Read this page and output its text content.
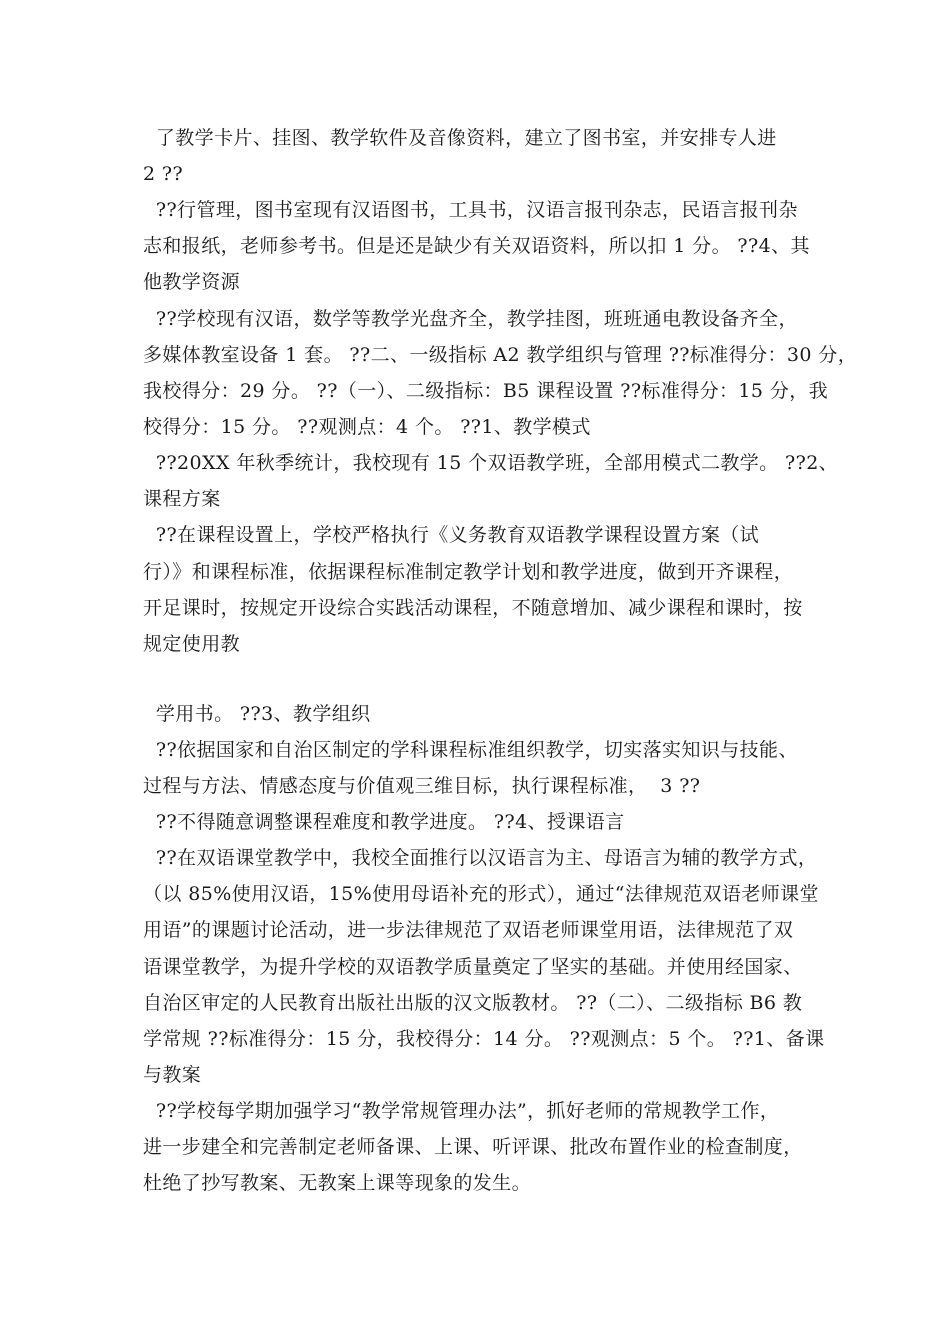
了教学卡片、挂图、教学软件及音像资料，建立了图书室，并安排专人进
2 ??
??行管理，图书室现有汉语图书，工具书，汉语言报刊杂志，民语言报刊杂
志和报纸，老师参考书。但是还是缺少有关双语资料，所以扣 1 分。 ??4、其
他教学资源
??学校现有汉语，数学等教学光盘齐全，教学挂图，班班通电教设备齐全，
多媒体教室设备 1 套。 ??二、一级指标 A2 教学组织与管理 ??标准得分：30 分，
我校得分：29 分。 ??（一）、二级指标：B5 课程设置 ??标准得分：15 分，我
校得分：15 分。 ??观测点：4 个。 ??1、教学模式
??20XX 年秋季统计，我校现有 15 个双语教学班，全部用模式二教学。 ??2、
课程方案
??在课程设置上，学校严格执行《义务教育双语教学课程设置方案（试
行）》和课程标准，依据课程标准制定教学计划和教学进度，做到开齐课程，
开足课时，按规定开设综合实践活动课程，不随意增加、减少课程和课时，按
规定使用教
学用书。 ??3、教学组织
??依据国家和自治区制定的学科课程标准组织教学，切实落实知识与技能、
过程与方法、情感态度与价值观三维目标，执行课程标准，  3 ??
??不得随意调整课程难度和教学进度。 ??4、授课语言
??在双语课堂教学中，我校全面推行以汉语言为主、母语言为辅的教学方式，
（以 85%使用汉语，15%使用母语补充的形式），通过“法律规范双语老师课堂
用语”的课题讨论活动，进一步法律规范了双语老师课堂用语，法律规范了双
语课堂教学，为提升学校的双语教学质量奠定了坚实的基础。并使用经国家、
自治区审定的人民教育出版社出版的汉文版教材。 ??（二）、二级指标 B6 教
学常规 ??标准得分：15 分，我校得分：14 分。 ??观测点：5 个。 ??1、备课
与教案
??学校每学期加强学习“教学常规管理办法”，抓好老师的常规教学工作，
进一步建全和完善制定老师备课、上课、听评课、批改布置作业的检查制度，
杜绝了抄写教案、无教案上课等现象的发生。
